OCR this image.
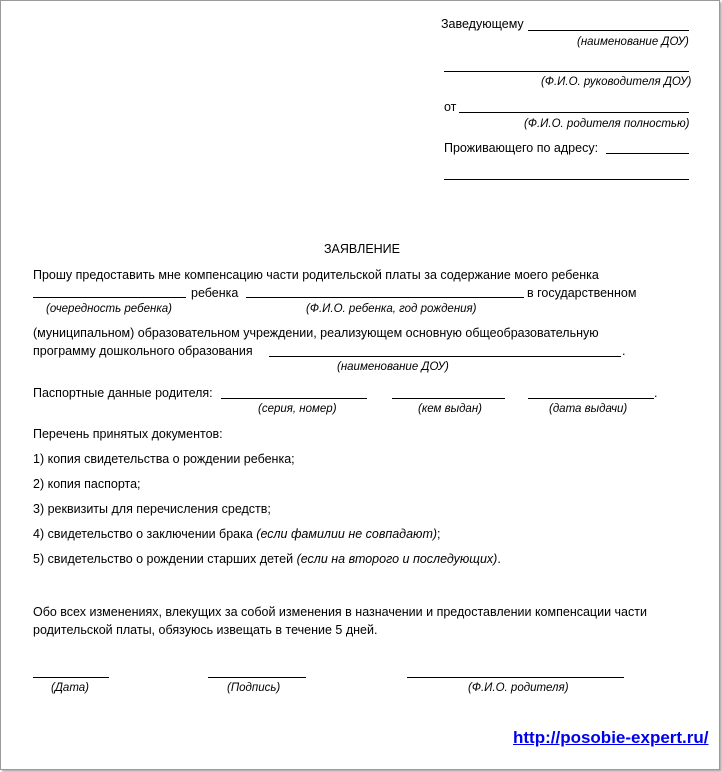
Заведующему
(наименование ДОУ)
(Ф.И.О. руководителя ДОУ)
от
(Ф.И.О. родителя полностью)
Проживающего по адресу:
ЗАЯВЛЕНИЕ
Прошу предоставить мне компенсацию части родительской платы за содержание моего ребенка
ребенка	в государственном
(очередность ребенка)	(Ф.И.О. ребенка, год рождения)
(муниципальном) образовательном учреждении, реализующем основную общеобразовательную
программу дошкольного образования	.
(наименование ДОУ)
Паспортные данные родителя:	.
(серия, номер)	(кем выдан)	(дата выдачи)
Перечень принятых документов:
1) копия свидетельства о рождении ребенка;
2) копия паспорта;
3) реквизиты для перечисления средств;
4) свидетельство о заключении брака (если фамилии не совпадают);
5) свидетельство о рождении старших детей (если на второго и последующих).
Обо всех изменениях, влекущих за собой изменения в назначении и предоставлении компенсации части
родительской платы, обязуюсь извещать в течение 5 дней.
(Дата)	(Подпись)	(Ф.И.О. родителя)
http://posobie-expert.ru/
